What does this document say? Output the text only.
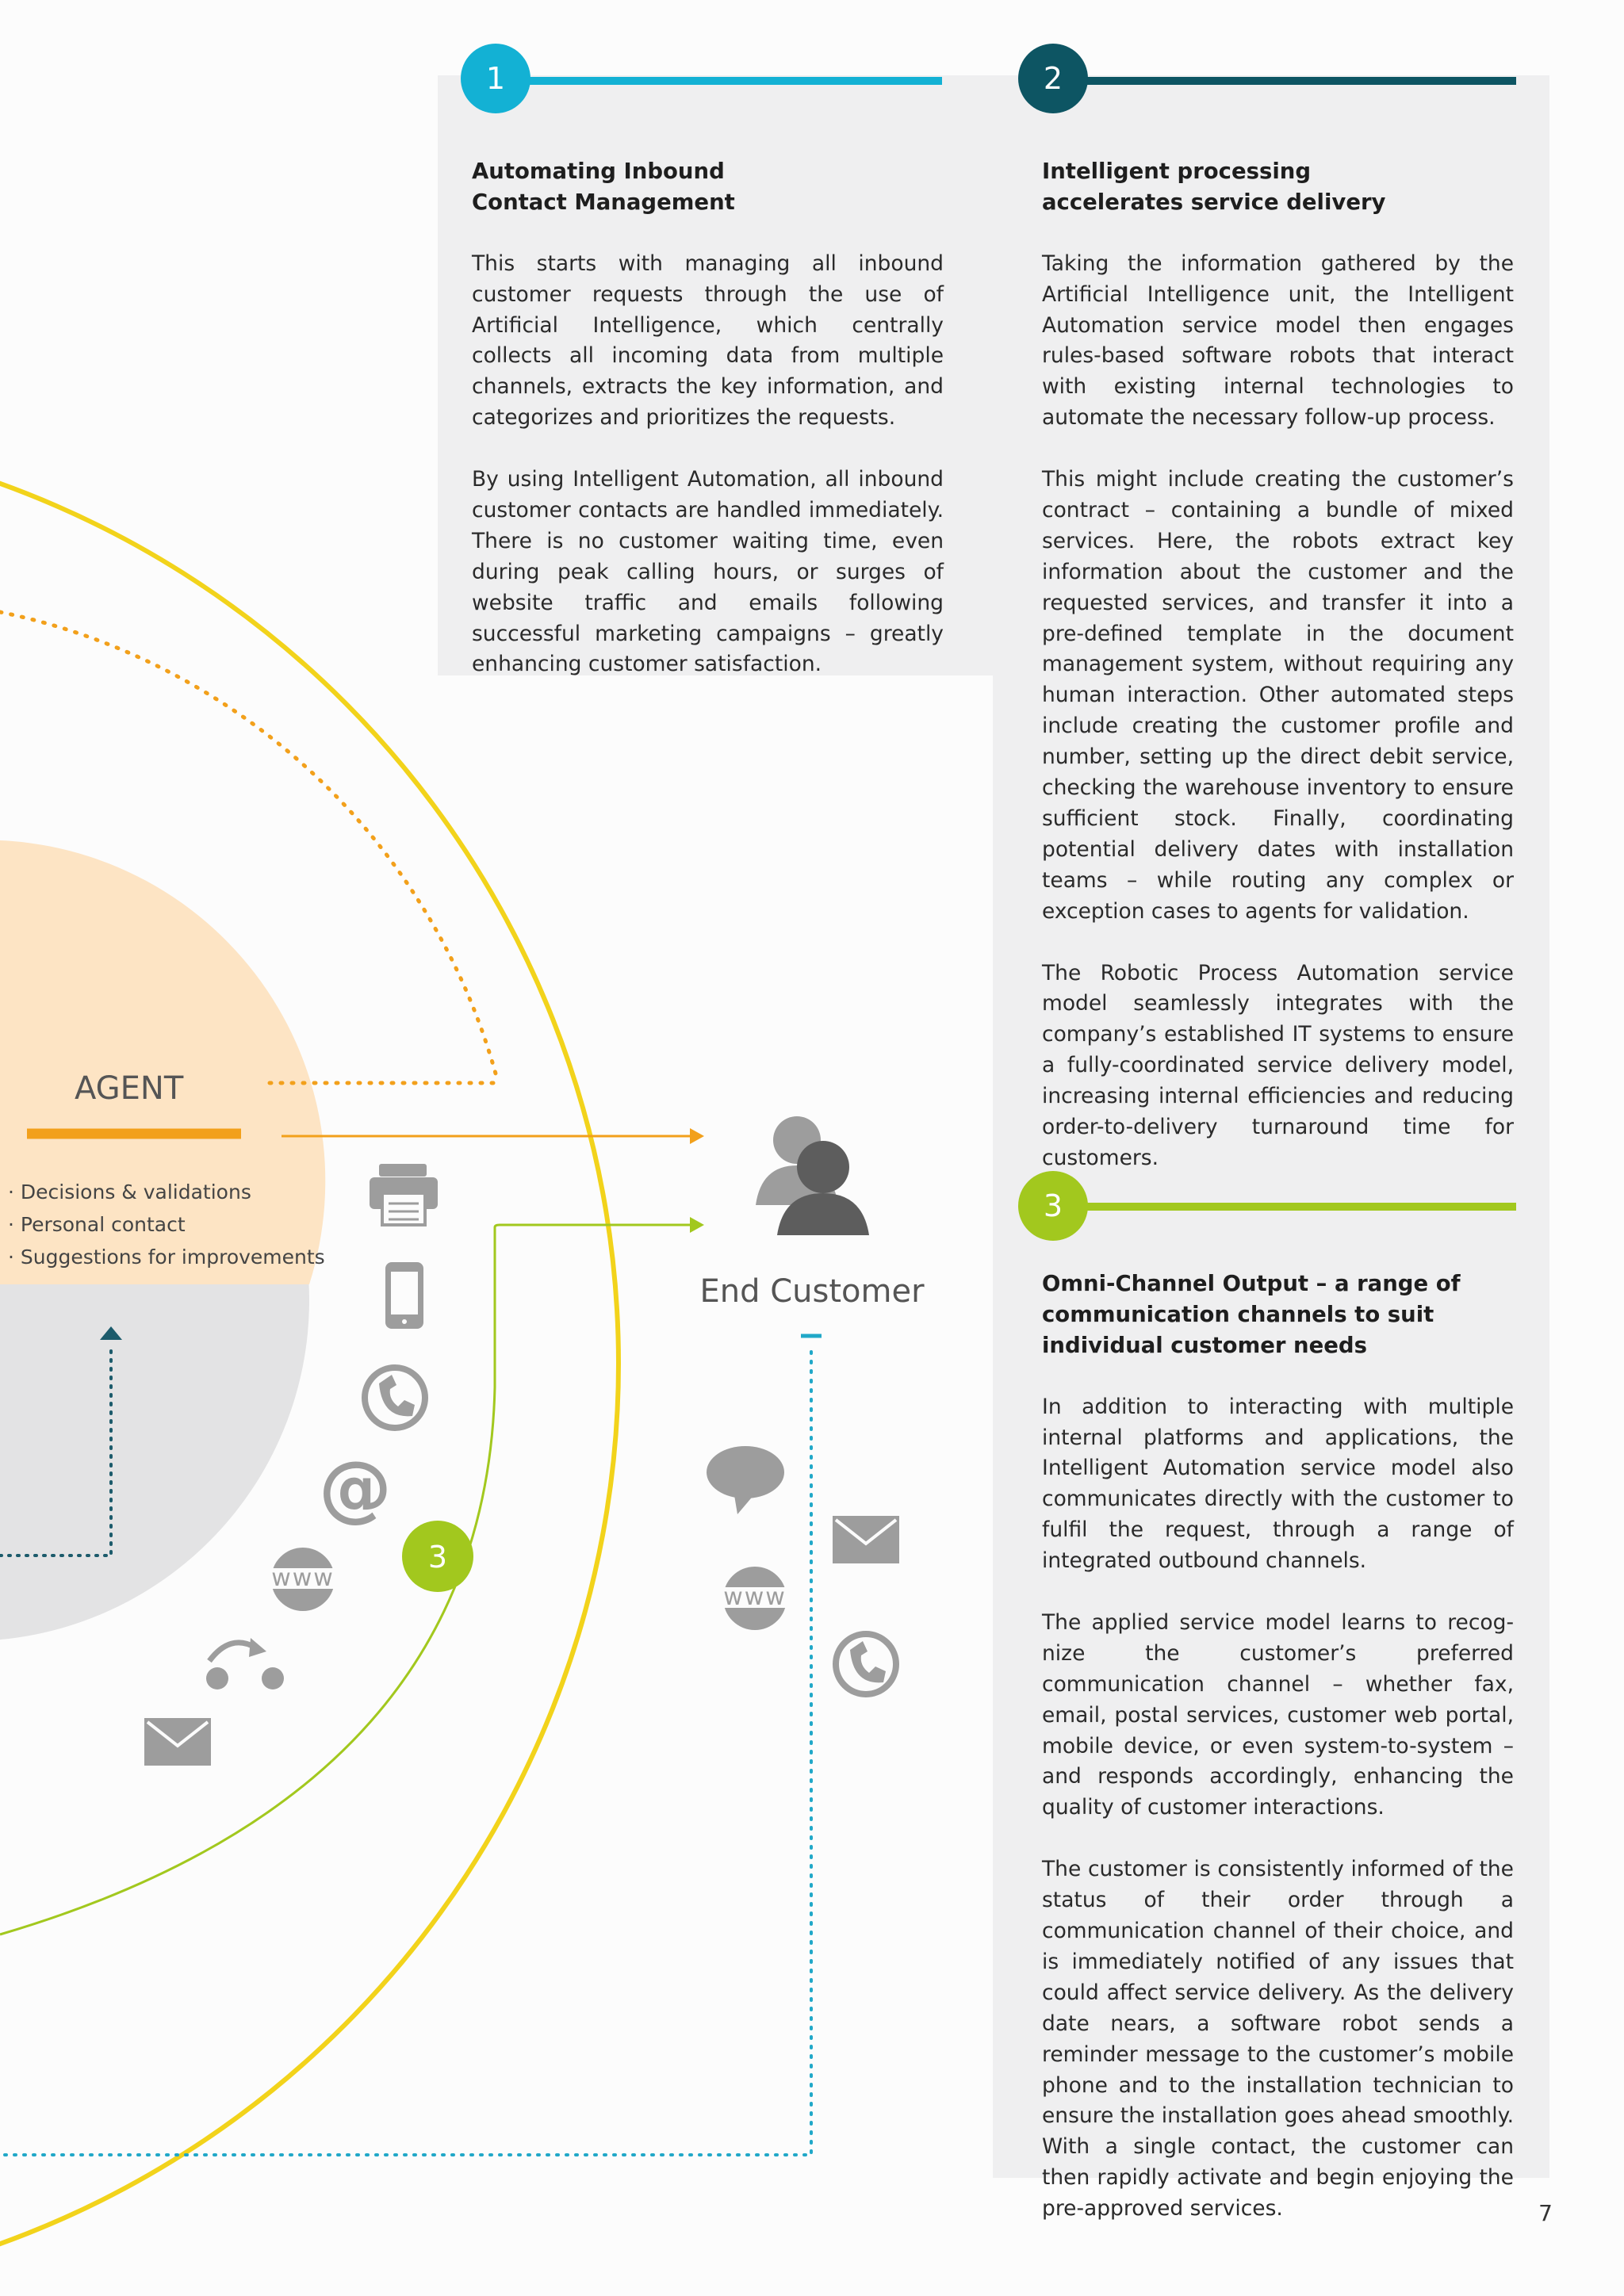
@
www
www
3
AGENT
· Decisions & validations
· Personal contact
· Suggestions for improvements
End Customer
1	2
3
Automating Inbound Contact Management

This starts with managing all inbound customer requests through the use of Artificial Intelligence, which centrally collects all incoming data from multiple channels, extracts the key information, and categorizes and prioritizes the requests.

By using Intelligent Automation, all inbound customer contacts are handled immediately. There is no customer waiting time, even during peak calling hours, or surges of website traffic and emails following successful marketing campaigns – greatly enhancing customer satisfaction.

Intelligent processing accelerates service delivery

Taking the information gathered by the Artificial Intelligence unit, the Intelligent Automation service model then engages rules-based software robots that interact with existing internal technologies to automate the necessary follow-up process.

This might include creating the customer’s contract – containing a bundle of mixed services. Here, the robots extract key information about the customer and the requested services, and transfer it into a pre-defined template in the document management system, without requiring any human interaction. Other automated steps include creating the customer profile and number, setting up the direct debit service, checking the warehouse inventory to ensure sufficient stock. Finally, coordinating potential delivery dates with installation teams – while routing any complex or exception cases to agents for validation.

The Robotic Process Automation service model seamlessly integrates with the company’s established IT systems to ensure a fully-coordinated service delivery model, increasing internal efficiencies and reducing order-to-delivery turnaround time for customers.

Omni-Channel Output – a range of communication channels to suit individual customer needs

In addition to interacting with multiple internal platforms and applications, the Intelligent Automation service model also communicates directly with the customer to fulfil the request, through a range of integrated outbound channels.

The applied service model learns to recognize the customer’s preferred communication channel – whether fax, email, postal services, customer web portal, mobile device, or even system-to-system – and responds accordingly, enhancing the quality of customer interactions.

The customer is consistently informed of the status of their order through a communication channel of their choice, and is immediately notified of any issues that could affect service delivery. As the delivery date nears, a software robot sends a reminder message to the customer’s mobile phone and to the installation technician to ensure the installation goes ahead smoothly. With a single contact, the customer can then rapidly activate and begin enjoying the pre-approved services.	7
